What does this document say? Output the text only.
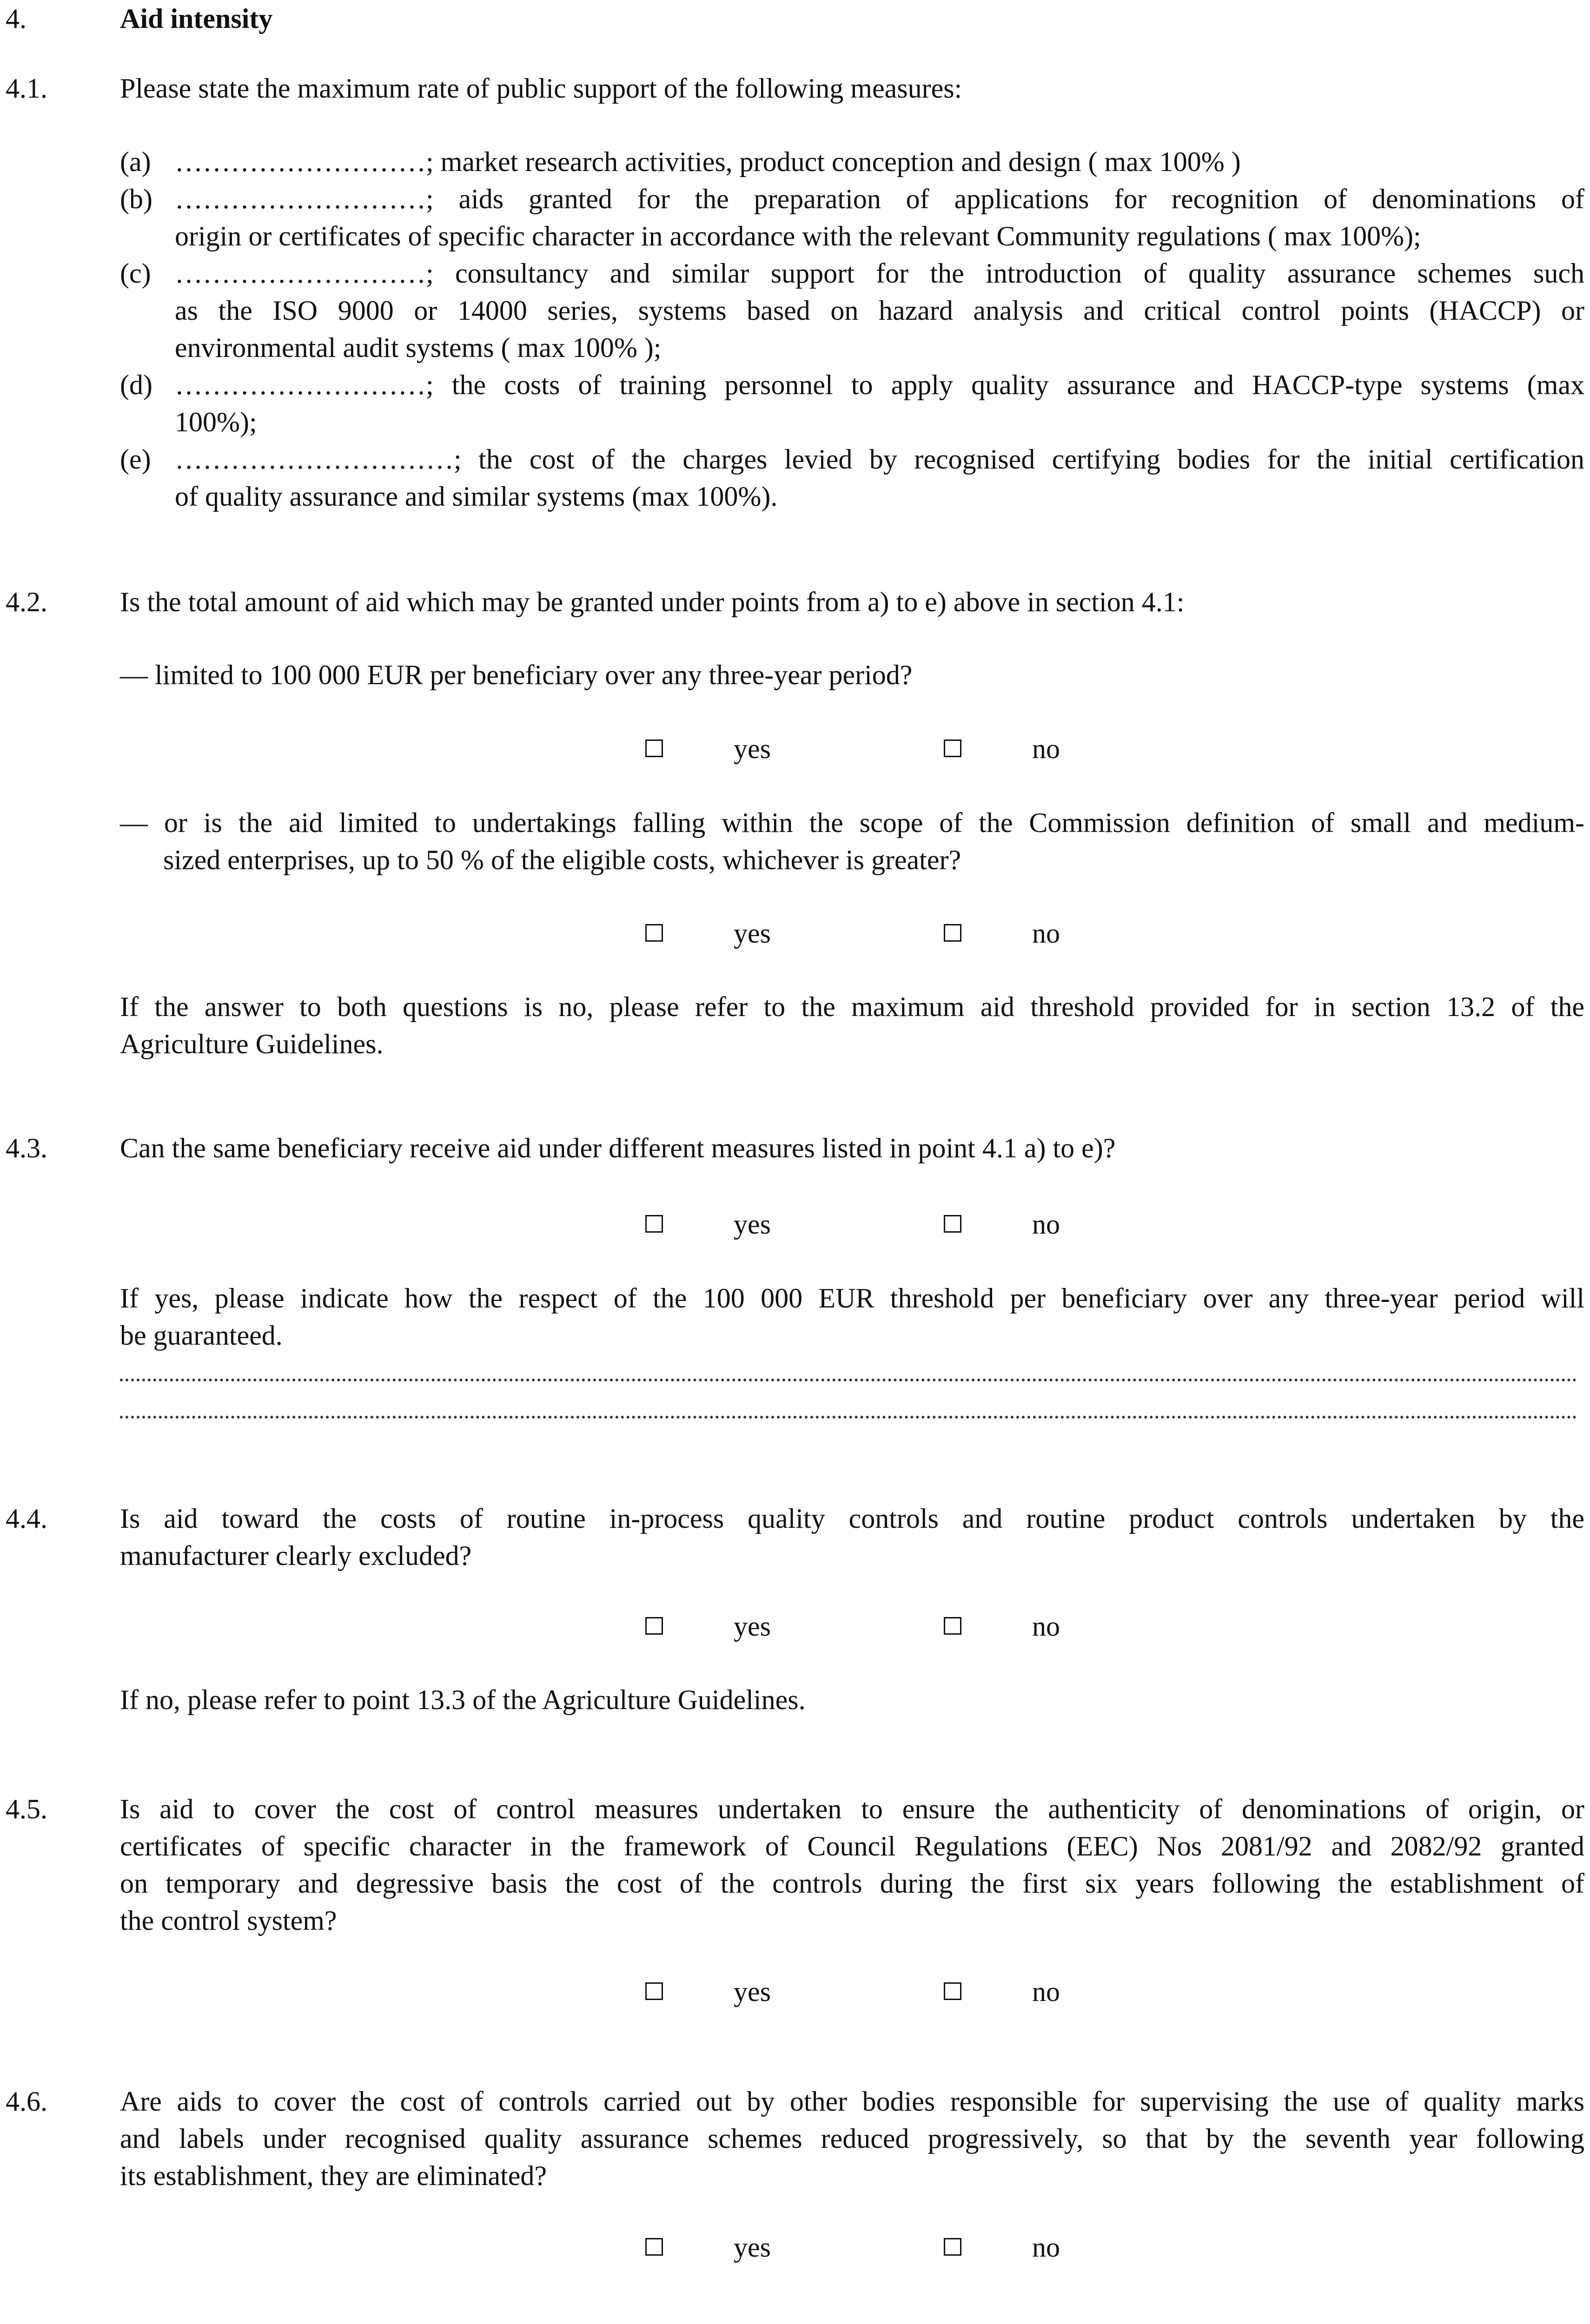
4.	Aid intensity
4.1.	Please state the maximum rate of public support of the following measures:
(a) ………………………; market research activities, product conception and design ( max 100% )
(b) ………………………; aids granted for the preparation of applications for recognition of denominations of
origin or certificates of specific character in accordance with the relevant Community regulations ( max 100%);
(c) ………………………; consultancy and similar support for the introduction of quality assurance schemes such
as the ISO 9000 or 14000 series, systems based on hazard analysis and critical control points (HACCP) or
environmental audit systems ( max 100% );
(d) ………………………; the costs of training personnel to apply quality assurance and HACCP-type systems (max
100%);
(e) …………………………; the cost of the charges levied by recognised certifying bodies for the initial certification
of quality assurance and similar systems (max 100%).
4.2.	Is the total amount of aid which may be granted under points from a) to e) above in section 4.1:
— limited to 100 000 EUR per beneficiary over any three-year period?
yes	no
— or is the aid limited to undertakings falling within the scope of the Commission definition of small and medium-
sized enterprises, up to 50 % of the eligible costs, whichever is greater?
yes	no
If the answer to both questions is no, please refer to the maximum aid threshold provided for in section 13.2 of the
Agriculture Guidelines.
4.3.	Can the same beneficiary receive aid under different measures listed in point 4.1 a) to e)?
yes	no
If yes, please indicate how the respect of the 100 000 EUR threshold per beneficiary over any three-year period will
be guaranteed.
4.4.	Is aid toward the costs of routine in-process quality controls and routine product controls undertaken by the
manufacturer clearly excluded?
yes	no
If no, please refer to point 13.3 of the Agriculture Guidelines.
4.5.	Is aid to cover the cost of control measures undertaken to ensure the authenticity of denominations of origin, or
certificates of specific character in the framework of Council Regulations (EEC) Nos 2081/92 and 2082/92 granted
on temporary and degressive basis the cost of the controls during the first six years following the establishment of
the control system?
yes	no
4.6.	Are aids to cover the cost of controls carried out by other bodies responsible for supervising the use of quality marks
and labels under recognised quality assurance schemes reduced progressively, so that by the seventh year following
its establishment, they are eliminated?
yes	no
